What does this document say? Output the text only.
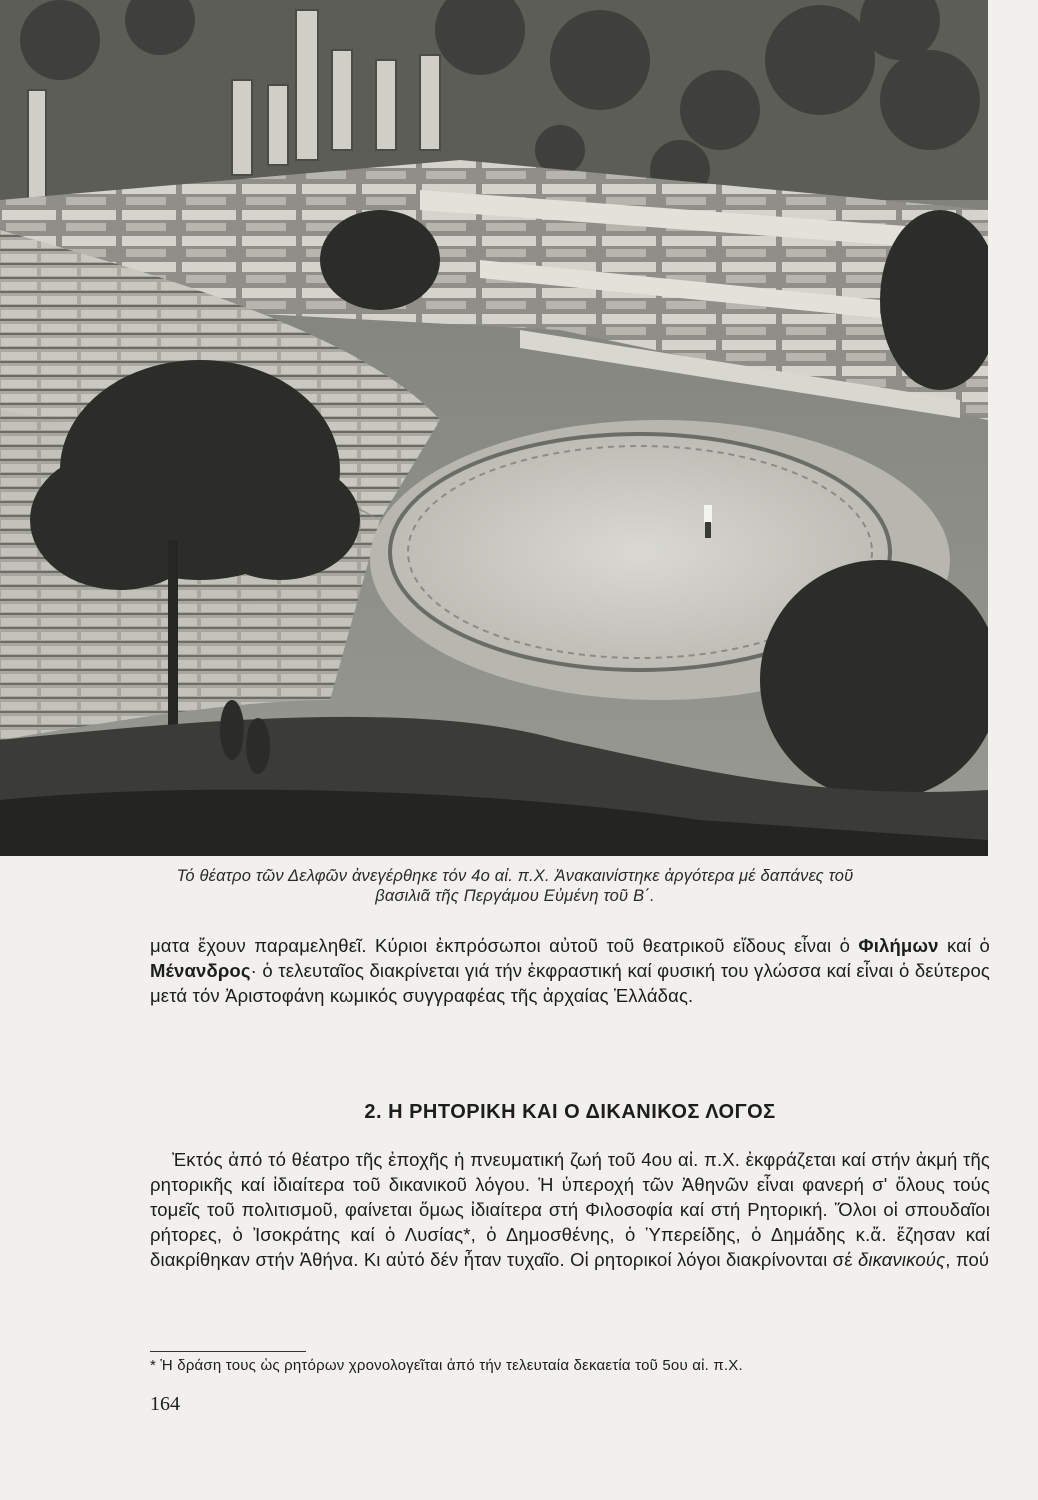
Τό θέατρο τῶν Δελφῶν ἀνεγέρθηκε τόν 4ο αἰ. π.Χ. Ἀνακαινίστηκε ἀργότερα μέ δαπάνες τοῦ
βασιλιᾶ τῆς Περγάμου Εὐμένη τοῦ Β΄.
ματα ἔχουν παραμεληθεῖ. Κύριοι ἐκπρόσωποι αὐτοῦ τοῦ θεατρικοῦ εἴδους εἶναι ὁ Φιλήμων καί ὁ Μένανδρος· ὁ τελευταῖος διακρίνεται γιά τήν ἐκφραστική καί φυσική του γλώσσα καί εἶναι ὁ δεύτερος μετά τόν Ἀριστοφάνη κωμικός συγγραφέας τῆς ἀρχαίας Ἑλλάδας.
2. Η ΡΗΤΟΡΙΚΗ ΚΑΙ Ο ΔΙΚΑΝΙΚΟΣ ΛΟΓΟΣ
Ἐκτός ἀπό τό θέατρο τῆς ἐποχῆς ἡ πνευματική ζωή τοῦ 4ου αἰ. π.Χ. ἐκφράζεται καί στήν ἀκμή τῆς ρητορικῆς καί ἰδιαίτερα τοῦ δικανικοῦ λόγου. Ἡ ὑπεροχή τῶν Ἀθηνῶν εἶναι φανερή σ' ὅλους τούς τομεῖς τοῦ πολιτισμοῦ, φαίνεται ὅμως ἰδιαίτερα στή Φιλοσοφία καί στή Ρητορική. Ὅλοι οἱ σπουδαῖοι ρήτορες, ὁ Ἰσοκράτης καί ὁ Λυσίας*, ὁ Δημοσθένης, ὁ Ὑπερείδης, ὁ Δημάδης κ.ἄ. ἔζησαν καί διακρίθηκαν στήν Ἀθήνα. Κι αὐτό δέν ἦταν τυχαῖο. Οἱ ρητορικοί λόγοι διακρίνονται σέ δικανικούς, πού
* Ἡ δράση τους ὡς ρητόρων χρονολογεῖται ἀπό τήν τελευταία δεκαετία τοῦ 5ου αἰ. π.Χ.
164
